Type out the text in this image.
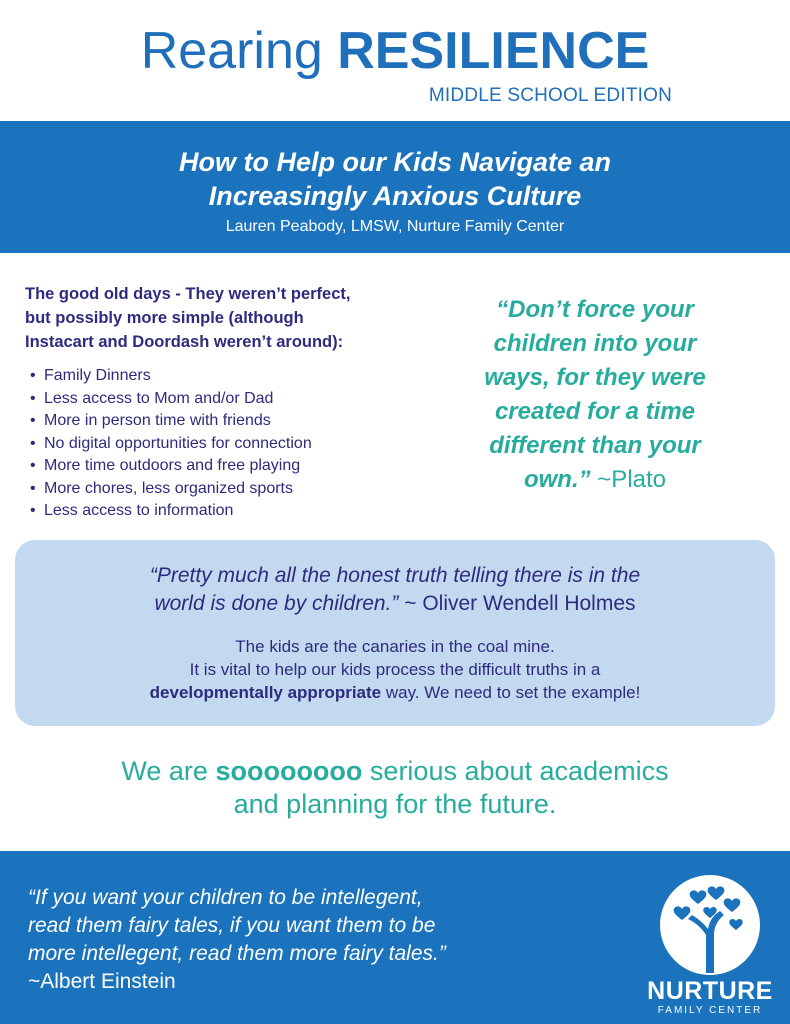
Rearing RESILIENCE
MIDDLE SCHOOL EDITION
How to Help our Kids Navigate an
Increasingly Anxious Culture
Lauren Peabody, LMSW, Nurture Family Center
The good old days - They weren’t perfect,
but possibly more simple (although
Instacart and Doordash weren’t around):
• Family Dinners
• Less access to Mom and/or Dad
• More in person time with friends
• No digital opportunities for connection
• More time outdoors and free playing
• More chores, less organized sports
• Less access to information
“Don’t force your
children into your
ways, for they were
created for a time
different than your
own.” ~Plato
“Pretty much all the honest truth telling there is in the
world is done by children.” ~ Oliver Wendell Holmes
The kids are the canaries in the coal mine.
It is vital to help our kids process the difficult truths in a
developmentally appropriate way. We need to set the example!
We are soooooooo serious about academics
and planning for the future.
“If you want your children to be intellegent,
read them fairy tales, if you want them to be
more intellegent, read them more fairy tales.”
~Albert Einstein	NURTURE
FAMILY CENTER
